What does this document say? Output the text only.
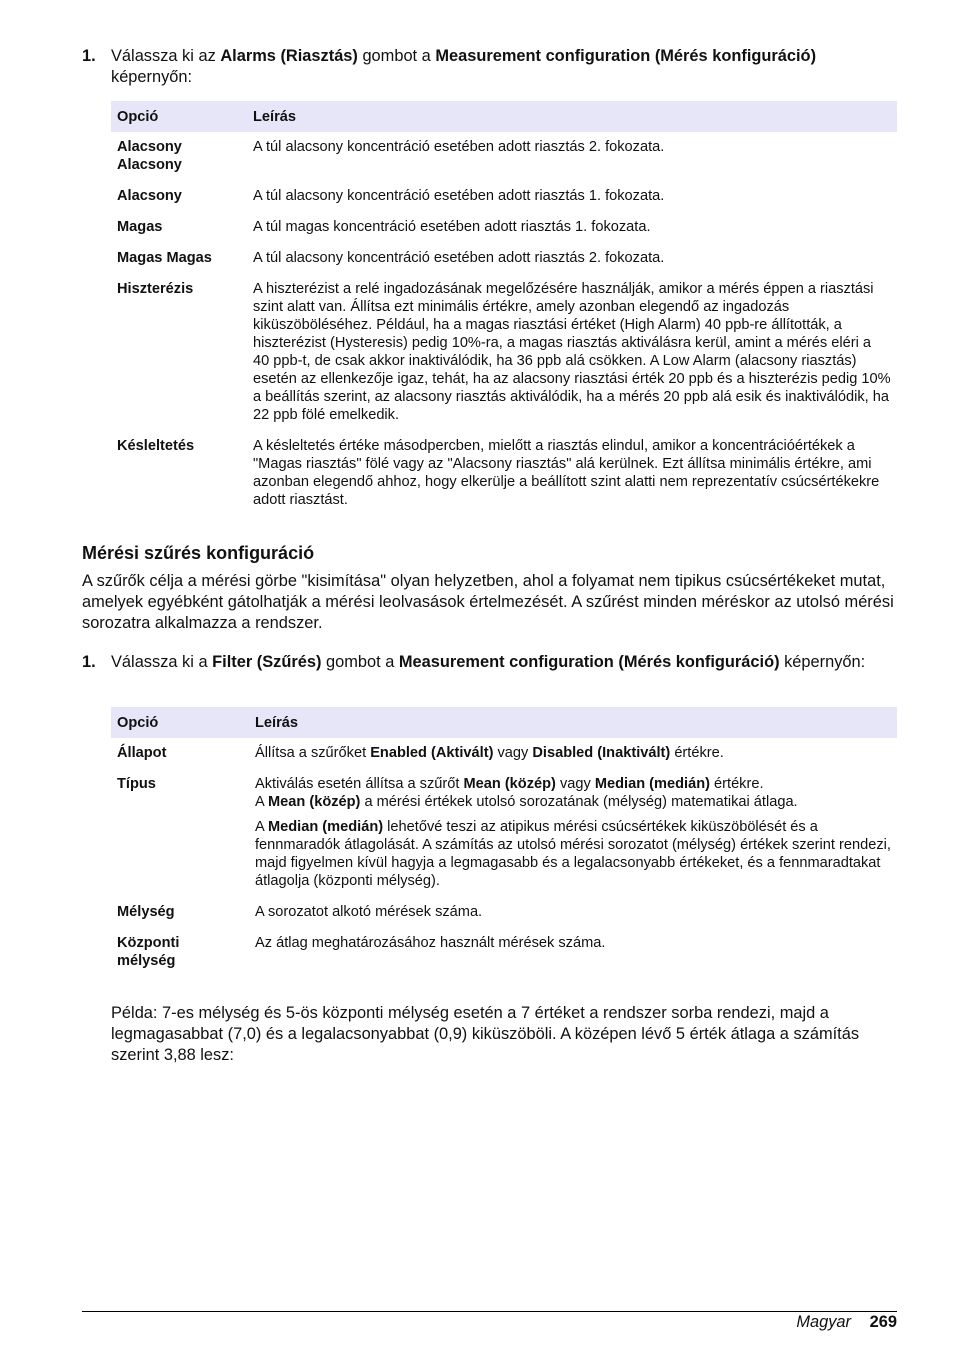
1. Válassza ki az Alarms (Riasztás) gombot a Measurement configuration (Mérés konfiguráció) képernyőn:
Opció	Leírás
Alacsony Alacsony	A túl alacsony koncentráció esetében adott riasztás 2. fokozata.
Alacsony	A túl alacsony koncentráció esetében adott riasztás 1. fokozata.
Magas	A túl magas koncentráció esetében adott riasztás 1. fokozata.
Magas Magas	A túl alacsony koncentráció esetében adott riasztás 2. fokozata.
Hiszterézis	A hiszterézist a relé ingadozásának megelőzésére használják, amikor a mérés éppen a riasztási szint alatt van. Állítsa ezt minimális értékre, amely azonban elegendő az ingadozás kiküszöböléséhez. Például, ha a magas riasztási értéket (High Alarm) 40 ppb-re állították, a hiszterézist (Hysteresis) pedig 10%-ra, a magas riasztás aktiválásra kerül, amint a mérés eléri a 40 ppb-t, de csak akkor inaktiválódik, ha 36 ppb alá csökken. A Low Alarm (alacsony riasztás) esetén az ellenkezője igaz, tehát, ha az alacsony riasztási érték 20 ppb és a hiszterézis pedig 10% a beállítás szerint, az alacsony riasztás aktiválódik, ha a mérés 20 ppb alá esik és inaktiválódik, ha 22 ppb fölé emelkedik.
Késleltetés	A késleltetés értéke másodpercben, mielőtt a riasztás elindul, amikor a koncentrációértékek a "Magas riasztás" fölé vagy az "Alacsony riasztás" alá kerülnek. Ezt állítsa minimális értékre, ami azonban elegendő ahhoz, hogy elkerülje a beállított szint alatti nem reprezentatív csúcsértékekre adott riasztást.
Mérési szűrés konfiguráció
A szűrők célja a mérési görbe "kisimítása" olyan helyzetben, ahol a folyamat nem tipikus csúcsértékeket mutat, amelyek egyébként gátolhatják a mérési leolvasások értelmezését. A szűrést minden méréskor az utolsó mérési sorozatra alkalmazza a rendszer.
1. Válassza ki a Filter (Szűrés) gombot a Measurement configuration (Mérés konfiguráció) képernyőn:
Opció	Leírás
Állapot	Állítsa a szűrőket Enabled (Aktivált) vagy Disabled (Inaktivált) értékre.
Típus	Aktiválás esetén állítsa a szűrőt Mean (közép) vagy Median (medián) értékre.

A Mean (közép) a mérési értékek utolsó sorozatának (mélység) matematikai átlaga.

A Median (medián) lehetővé teszi az atipikus mérési csúcsértékek kiküszöbölését és a fennmaradók átlagolását. A számítás az utolsó mérési sorozatot (mélység) értékek szerint rendezi, majd figyelmen kívül hagyja a legmagasabb és a legalacsonyabb értékeket, és a fennmaradtakat átlagolja (központi mélység).

Mélység	A sorozatot alkotó mérések száma.
Központi mélység	Az átlag meghatározásához használt mérések száma.
Példa: 7-es mélység és 5-ös központi mélység esetén a 7 értéket a rendszer sorba rendezi, majd a legmagasabbat (7,0) és a legalacsonyabbat (0,9) kiküszöböli. A középen lévő 5 érték átlaga a számítás szerint 3,88 lesz:
Magyar 269
